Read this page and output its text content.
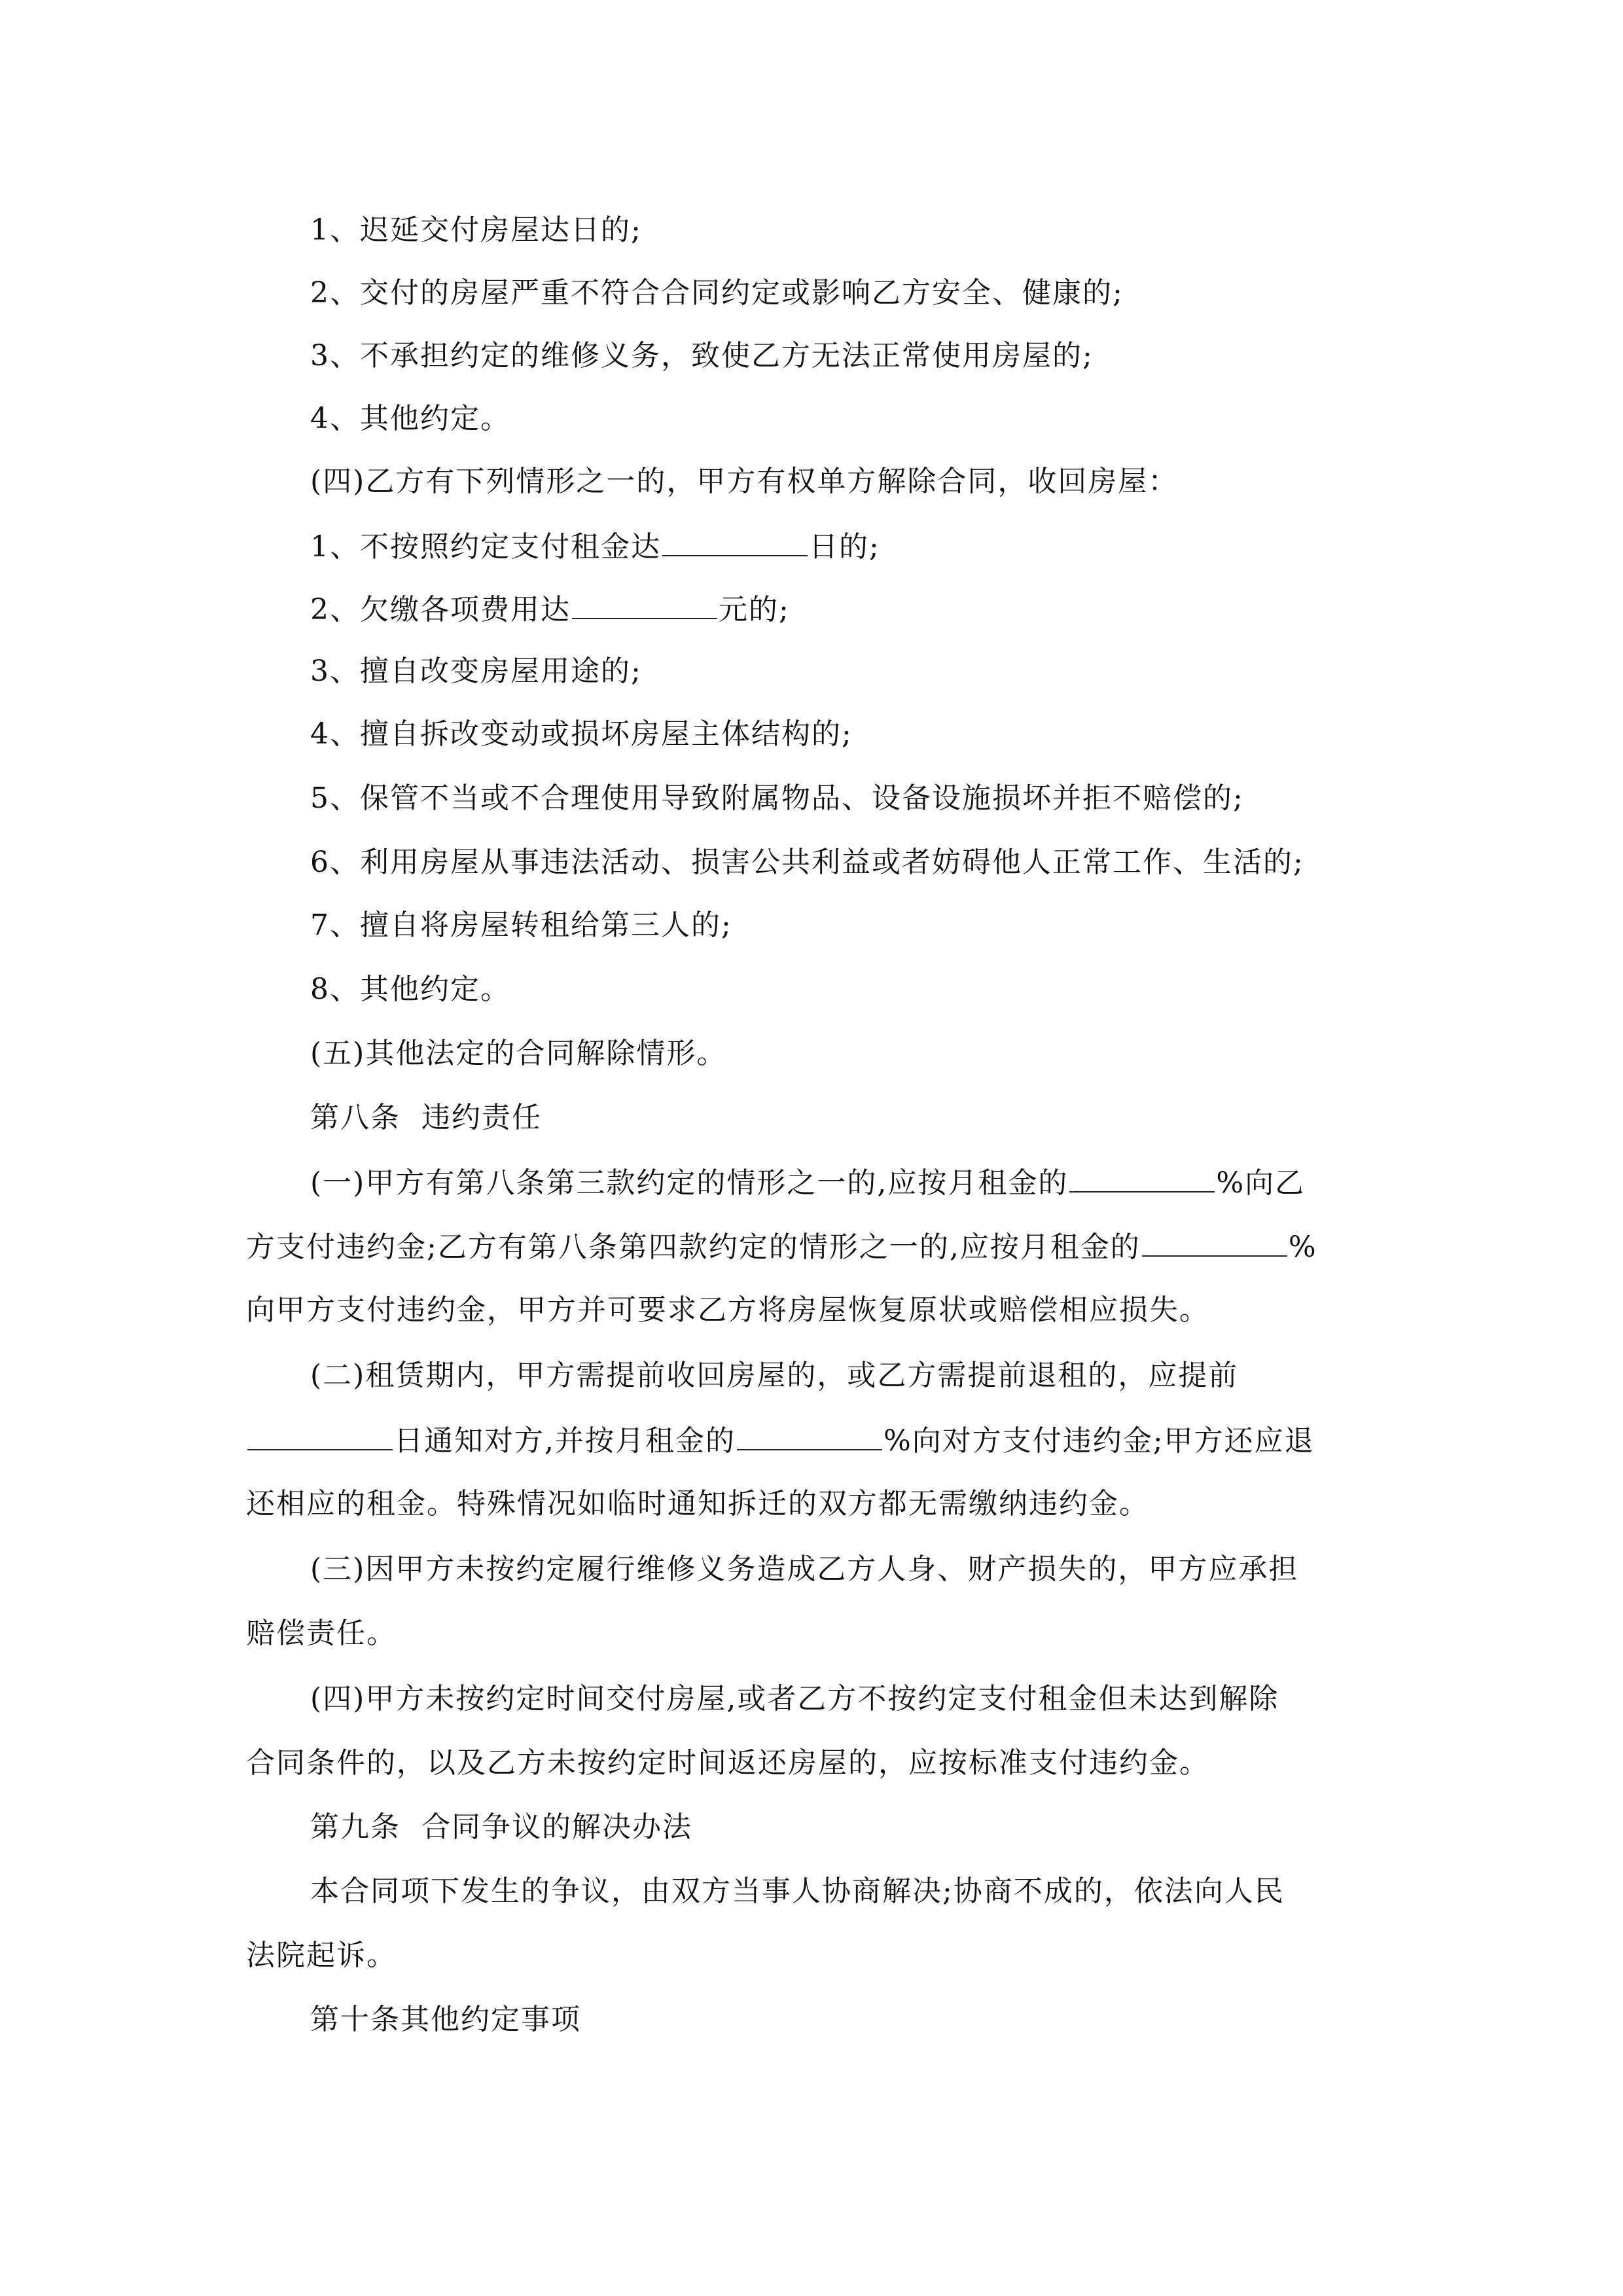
1、迟延交付房屋达日的;
2、交付的房屋严重不符合合同约定或影响乙方安全、健康的;
3、不承担约定的维修义务，致使乙方无法正常使用房屋的;
4、其他约定。
(四)乙方有下列情形之一的，甲方有权单方解除合同，收回房屋：
1、不按照约定支付租金达	日的;
2、欠缴各项费用达	元的;
3、擅自改变房屋用途的;
4、擅自拆改变动或损坏房屋主体结构的;
5、保管不当或不合理使用导致附属物品、设备设施损坏并拒不赔偿的;
6、利用房屋从事违法活动、损害公共利益或者妨碍他人正常工作、生活的;
7、擅自将房屋转租给第三人的;
8、其他约定。
(五)其他法定的合同解除情形。
第八条  违约责任
(一)甲方有第八条第三款约定的情形之一的,应按月租金的	%向乙
方支付违约金;乙方有第八条第四款约定的情形之一的,应按月租金的	%
向甲方支付违约金，甲方并可要求乙方将房屋恢复原状或赔偿相应损失。
(二)租赁期内，甲方需提前收回房屋的，或乙方需提前退租的，应提前
日通知对方,并按月租金的	%向对方支付违约金;甲方还应退
还相应的租金。特殊情况如临时通知拆迁的双方都无需缴纳违约金。
(三)因甲方未按约定履行维修义务造成乙方人身、财产损失的，甲方应承担
赔偿责任。
(四)甲方未按约定时间交付房屋,或者乙方不按约定支付租金但未达到解除
合同条件的，以及乙方未按约定时间返还房屋的，应按标准支付违约金。
第九条  合同争议的解决办法
本合同项下发生的争议，由双方当事人协商解决;协商不成的，依法向人民
法院起诉。
第十条其他约定事项
